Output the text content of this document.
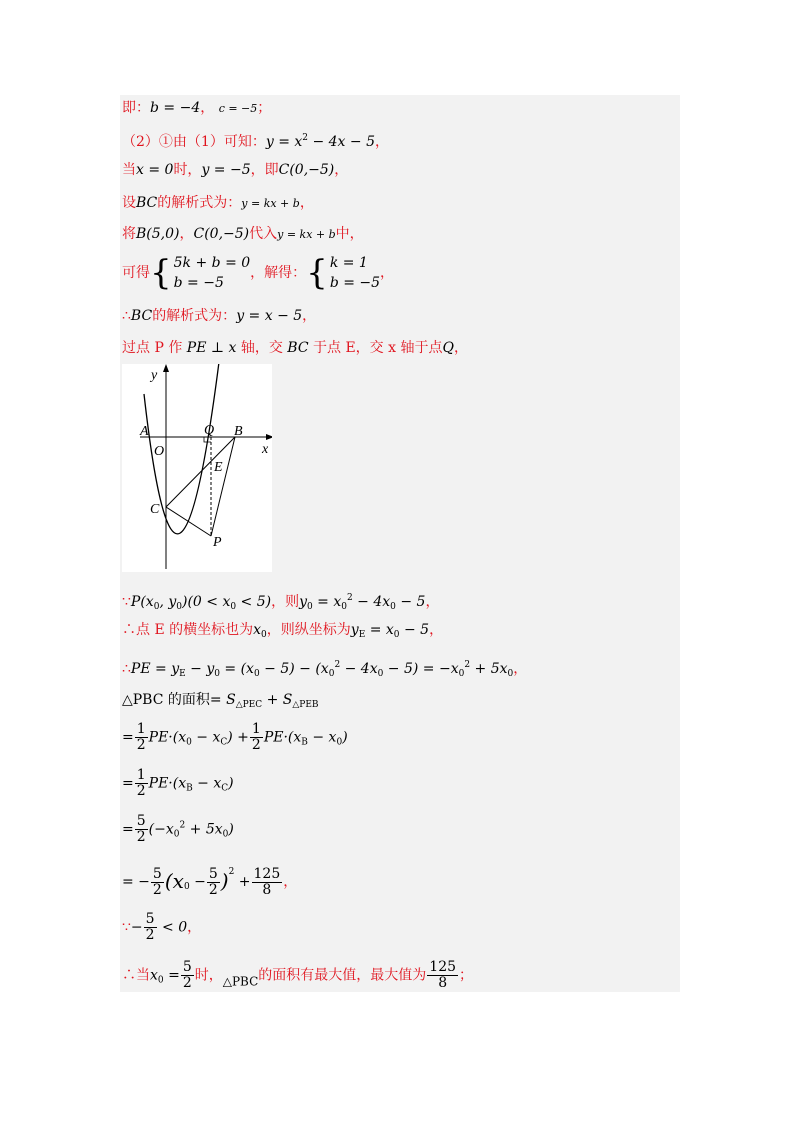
即：b = −4， c = −5；
（2）①由（1）可知：$y = x^2 - 4x - 5$，
当x = 0时，y = −5，即C(0,−5)，
设BC的解析式为：y = kx + b，
将B(5,0)，C(0,−5)代入y = kx + b中，
可得{ 5k + b = 0
b = −5
，解得：{ k = 1
b = −5
，
∴BC的解析式为：y = x − 5，
过点 P 作 PE ⊥ x 轴，交 BC 于点 E，交 x 轴于点Q，
y
x
A
O
Q B
E
C
P
$\because P(x_0$, $y_0)(0 < x_0 < 5)$，则$y_0 = x_0^2 - 4x_0 - 5$，
∴点 E 的横坐标也为$x_0$，则纵坐标为$y_E = x_0 - 5$，
∴PE = $y_E - y_0 = (x_0 - 5) - (x_0^2 - 4x_0 - 5) = -x_0^2 + 5x_0$，
△PBC 的面积= $S_{\triangle PEC} + S_{\triangle PEB}$
= $\frac{1}{2} PE\cdot(x_0 - x_C) + \frac{1}{2} PE\cdot(x_B - x_0)$
= $\frac{1}{2} PE\cdot(x_B - x_C)$
= $\frac{5}{2} (-x_0^2 + 5x_0)$
= − $\frac{5}{2} (x_0 - \frac{5}{2} )^2 + \frac{125}{8}$ ，
∵− $\frac{5}{2} < 0$，
∴当$x_0 = \frac{5}{2}$ 时，△PBC的面积有最大值，最大值为 $\frac{125}{8}$ ；
